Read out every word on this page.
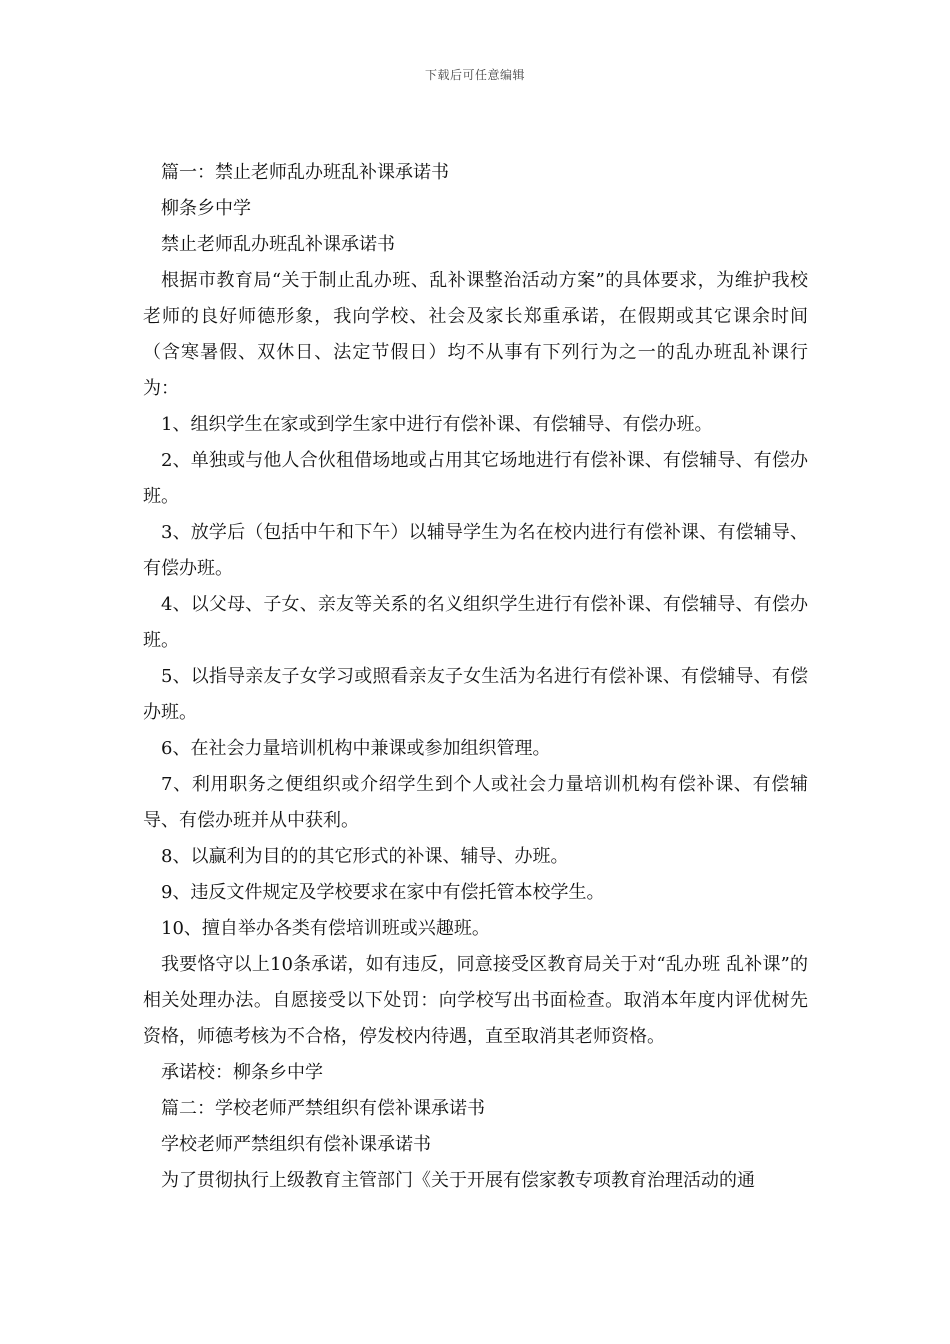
下载后可任意编辑

篇一：禁止老师乱办班乱补课承诺书

柳条乡中学

禁止老师乱办班乱补课承诺书

根据市教育局“关于制止乱办班、乱补课整治活动方案”的具体要求，为维护我校老师的良好师德形象，我向学校、社会及家长郑重承诺，在假期或其它课余时间（含寒暑假、双休日、法定节假日）均不从事有下列行为之一的乱办班乱补课行为：

1、组织学生在家或到学生家中进行有偿补课、有偿辅导、有偿办班。

2、单独或与他人合伙租借场地或占用其它场地进行有偿补课、有偿辅导、有偿办班。

3、放学后（包括中午和下午）以辅导学生为名在校内进行有偿补课、有偿辅导、有偿办班。

4、以父母、子女、亲友等关系的名义组织学生进行有偿补课、有偿辅导、有偿办班。

5、以指导亲友子女学习或照看亲友子女生活为名进行有偿补课、有偿辅导、有偿办班。

6、在社会力量培训机构中兼课或参加组织管理。

7、利用职务之便组织或介绍学生到个人或社会力量培训机构有偿补课、有偿辅导、有偿办班并从中获利。

8、以赢利为目的的其它形式的补课、辅导、办班。

9、违反文件规定及学校要求在家中有偿托管本校学生。

10、擅自举办各类有偿培训班或兴趣班。

我要恪守以上10条承诺，如有违反，同意接受区教育局关于对“乱办班 乱补课”的相关处理办法。自愿接受以下处罚：向学校写出书面检查。取消本年度内评优树先资格，师德考核为不合格，停发校内待遇，直至取消其老师资格。

承诺校：柳条乡中学

篇二：学校老师严禁组织有偿补课承诺书

学校老师严禁组织有偿补课承诺书

为了贯彻执行上级教育主管部门《关于开展有偿家教专项教育治理活动的通
